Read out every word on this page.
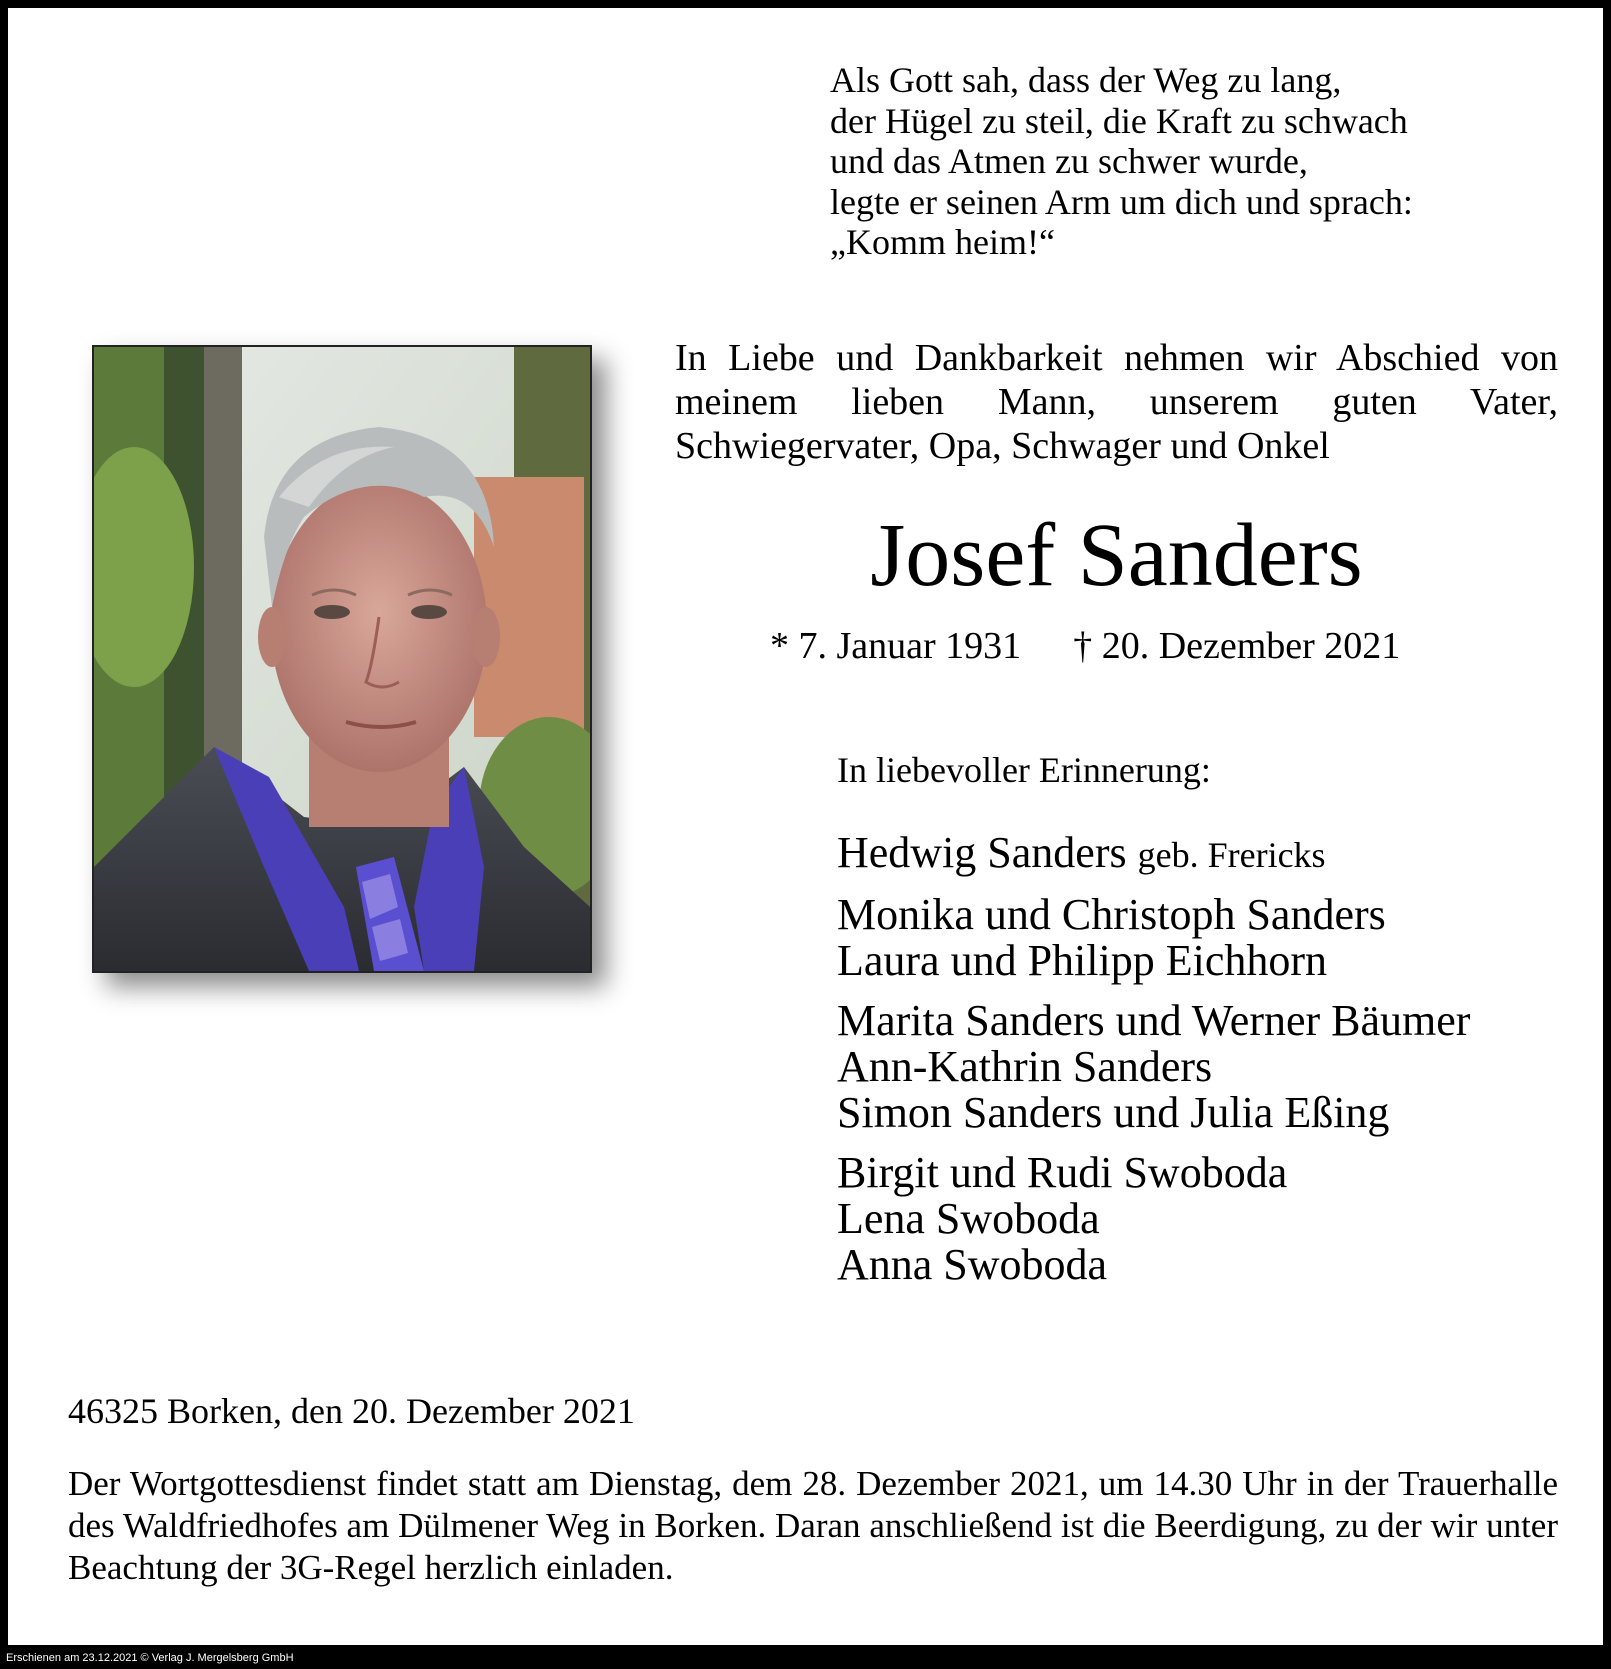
Als Gott sah, dass der Weg zu lang,
der Hügel zu steil, die Kraft zu schwach
und das Atmen zu schwer wurde,
legte er seinen Arm um dich und sprach:
„Komm heim!“
In Liebe und Dankbarkeit nehmen wir Abschied von meinem lieben Mann, unserem guten Vater, Schwiegervater, Opa, Schwager und Onkel
Josef Sanders
* 7. Januar 1931 † 20. Dezember 2021
In liebevoller Erinnerung:
Hedwig Sanders geb. Frericks
Monika und Christoph Sanders
Laura und Philipp Eichhorn
Marita Sanders und Werner Bäumer
Ann-Kathrin Sanders
Simon Sanders und Julia Eßing
Birgit und Rudi Swoboda
Lena Swoboda
Anna Swoboda
46325 Borken, den 20. Dezember 2021
Der Wortgottesdienst findet statt am Dienstag, dem 28. Dezember 2021, um 14.30 Uhr in der Trauerhalle des Waldfriedhofes am Dülmener Weg in Borken. Daran anschließend ist die Beerdigung, zu der wir unter Beachtung der 3G-Regel herzlich einladen.
Erschienen am 23.12.2021 © Verlag J. Mergelsberg GmbH
